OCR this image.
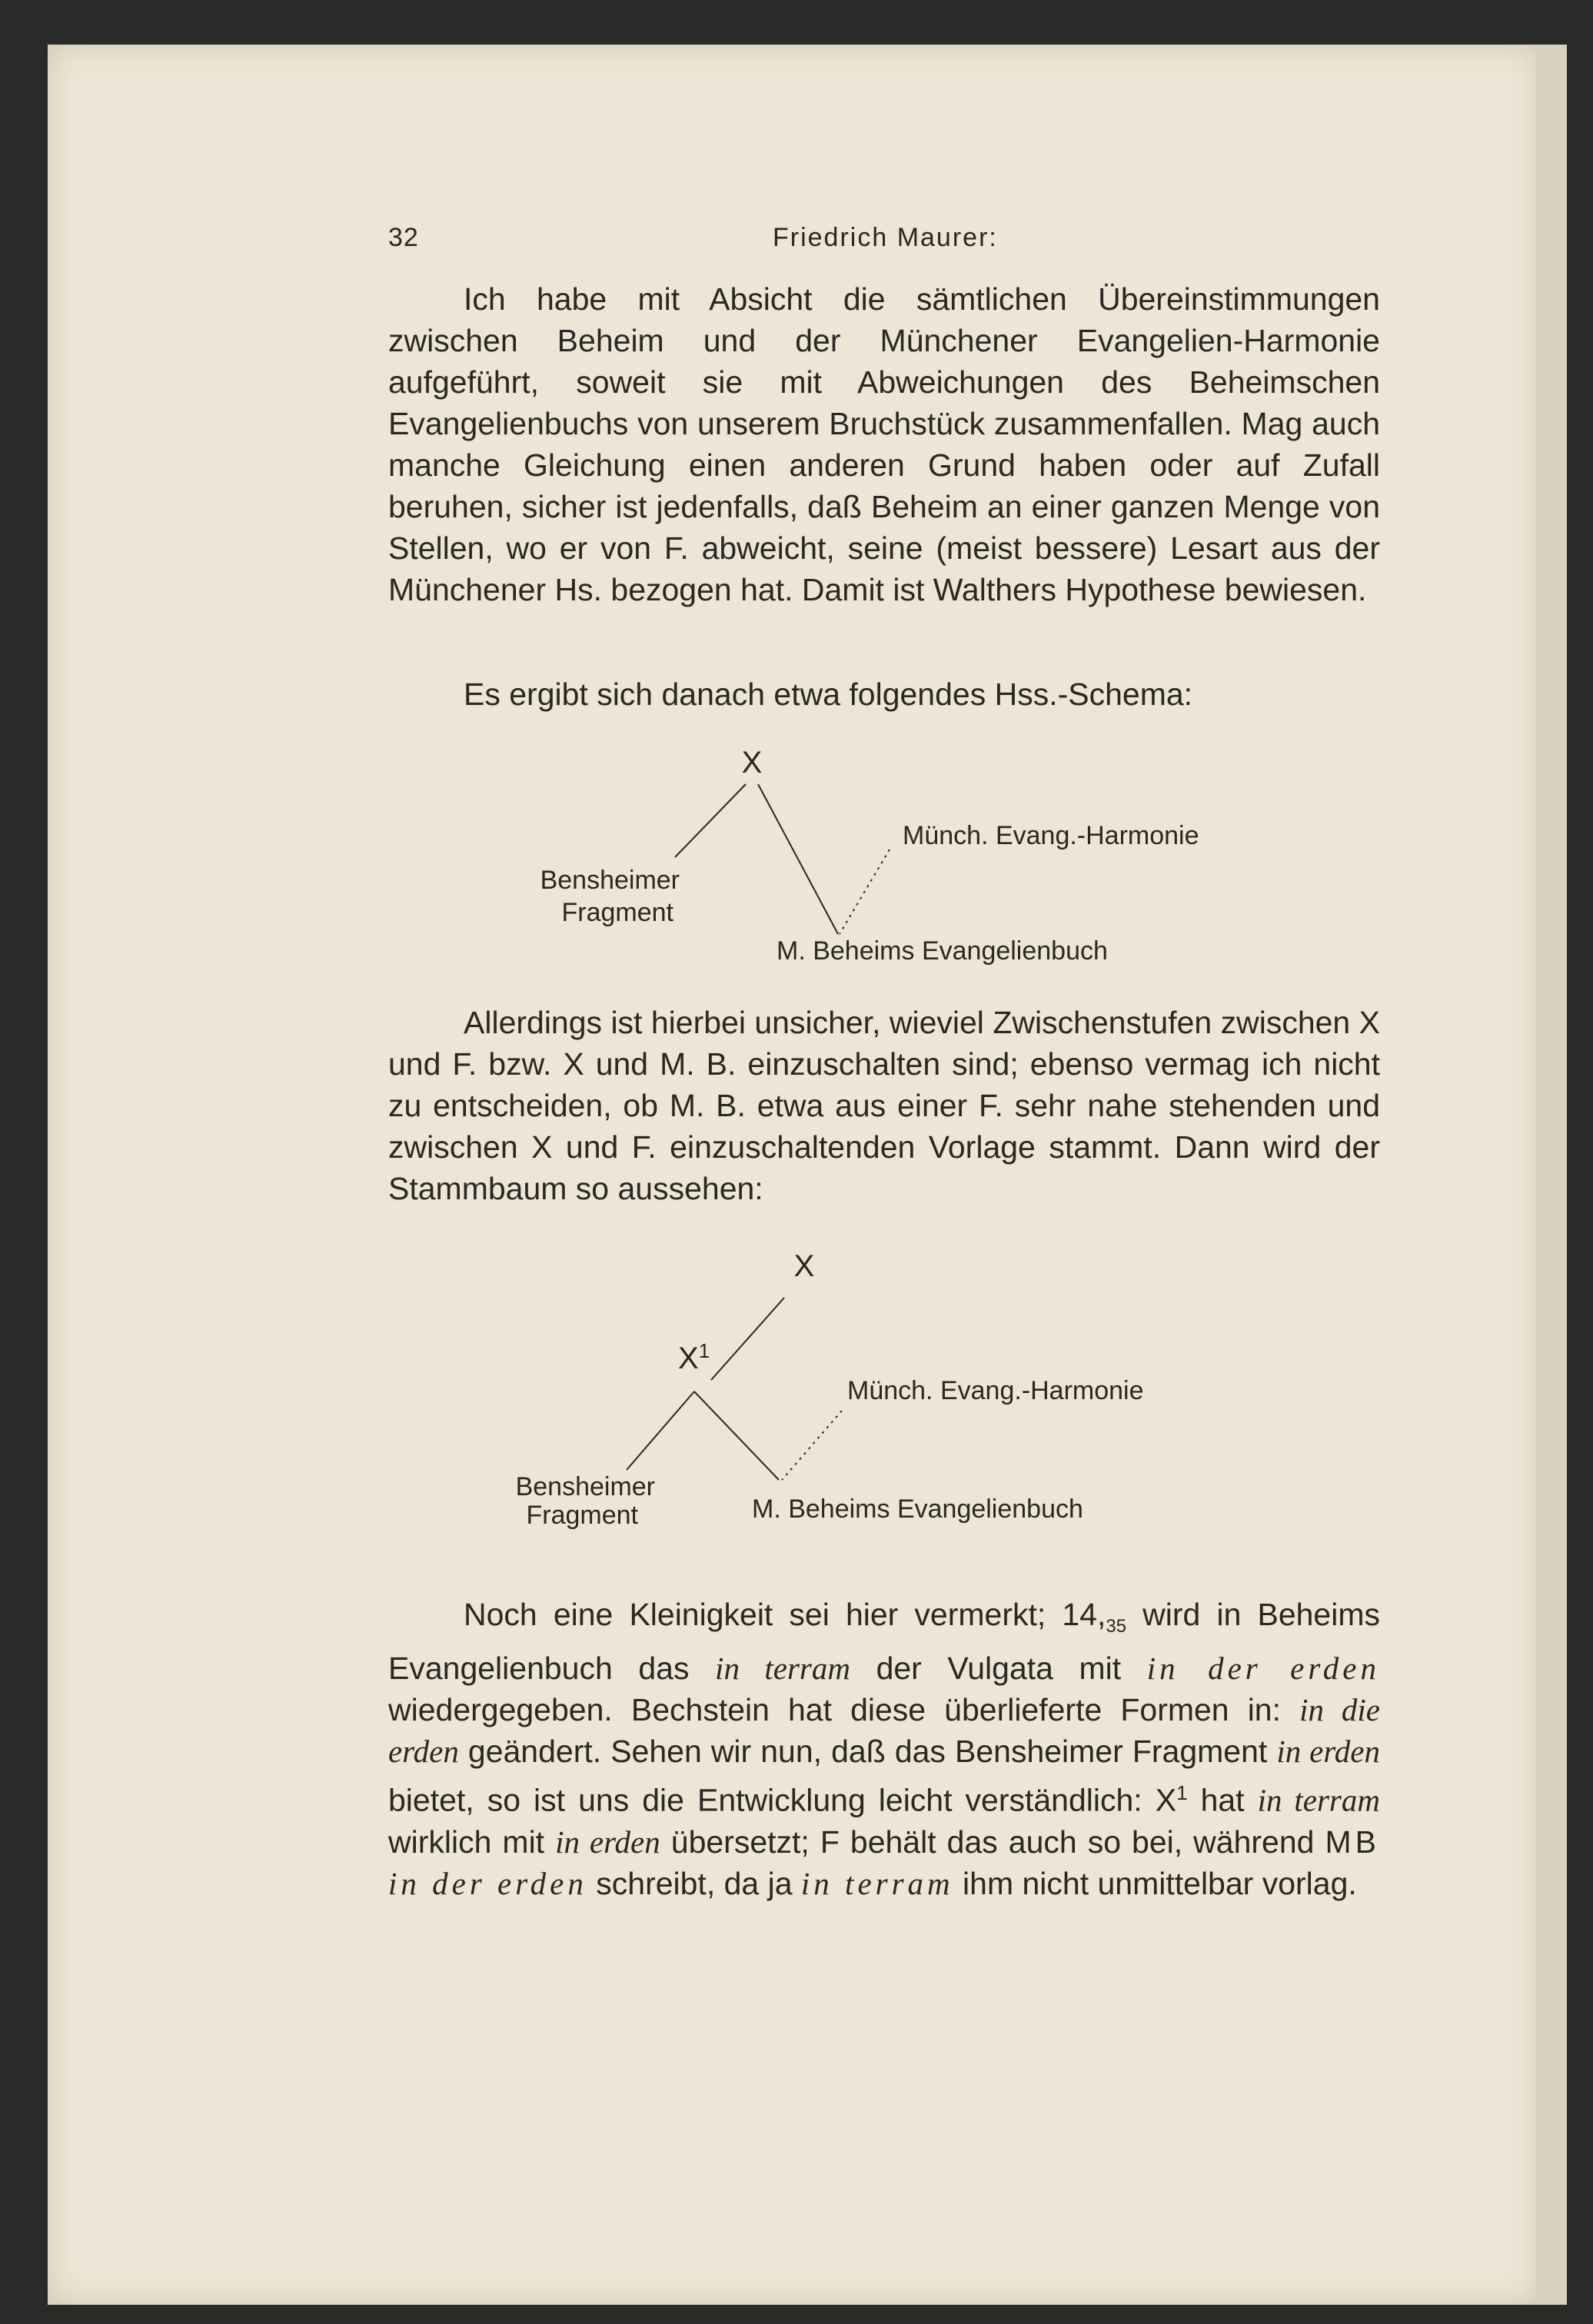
32	Friedrich Maurer:

Ich habe mit Absicht die sämtlichen Übereinstimmungen zwischen Beheim und der Münchener Evangelien-Harmonie aufgeführt, soweit sie mit Abweichungen des Beheimschen Evangelienbuchs von unserem Bruchstück zusammenfallen. Mag auch manche Gleichung einen anderen Grund haben oder auf Zufall beruhen, sicher ist jedenfalls, daß Beheim an einer ganzen Menge von Stellen, wo er von F. abweicht, seine (meist bessere) Lesart aus der Münchener Hs. bezogen hat. Damit ist Walthers Hypothese bewiesen.

Es ergibt sich danach etwa folgendes Hss.-Schema:

X
Bensheimer
Fragment
Münch. Evang.-Harmonie
M. Beheims Evangelienbuch

Allerdings ist hierbei unsicher, wieviel Zwischenstufen zwischen X und F. bzw. X und M. B. einzuschalten sind; ebenso vermag ich nicht zu entscheiden, ob M. B. etwa aus einer F. sehr nahe stehenden und zwischen X und F. einzuschaltenden Vorlage stammt. Dann wird der Stammbaum so aussehen:

X
$X^1$
Bensheimer
Fragment
Münch. Evang.-Harmonie
M. Beheims Evangelienbuch

Noch eine Kleinigkeit sei hier vermerkt; $14,_{35}$ wird in Beheims Evangelienbuch das in terram der Vulgata mit in der erden wiedergegeben. Bechstein hat diese überlieferte Formen in: in die erden geändert. Sehen wir nun, daß das Bensheimer Fragment in erden bietet, so ist uns die Entwicklung leicht verständlich: $X^1$ hat in terram wirklich mit in erden übersetzt; F behält das auch so bei, während MB in der erden schreibt, da ja in terram ihm nicht unmittelbar vorlag.
